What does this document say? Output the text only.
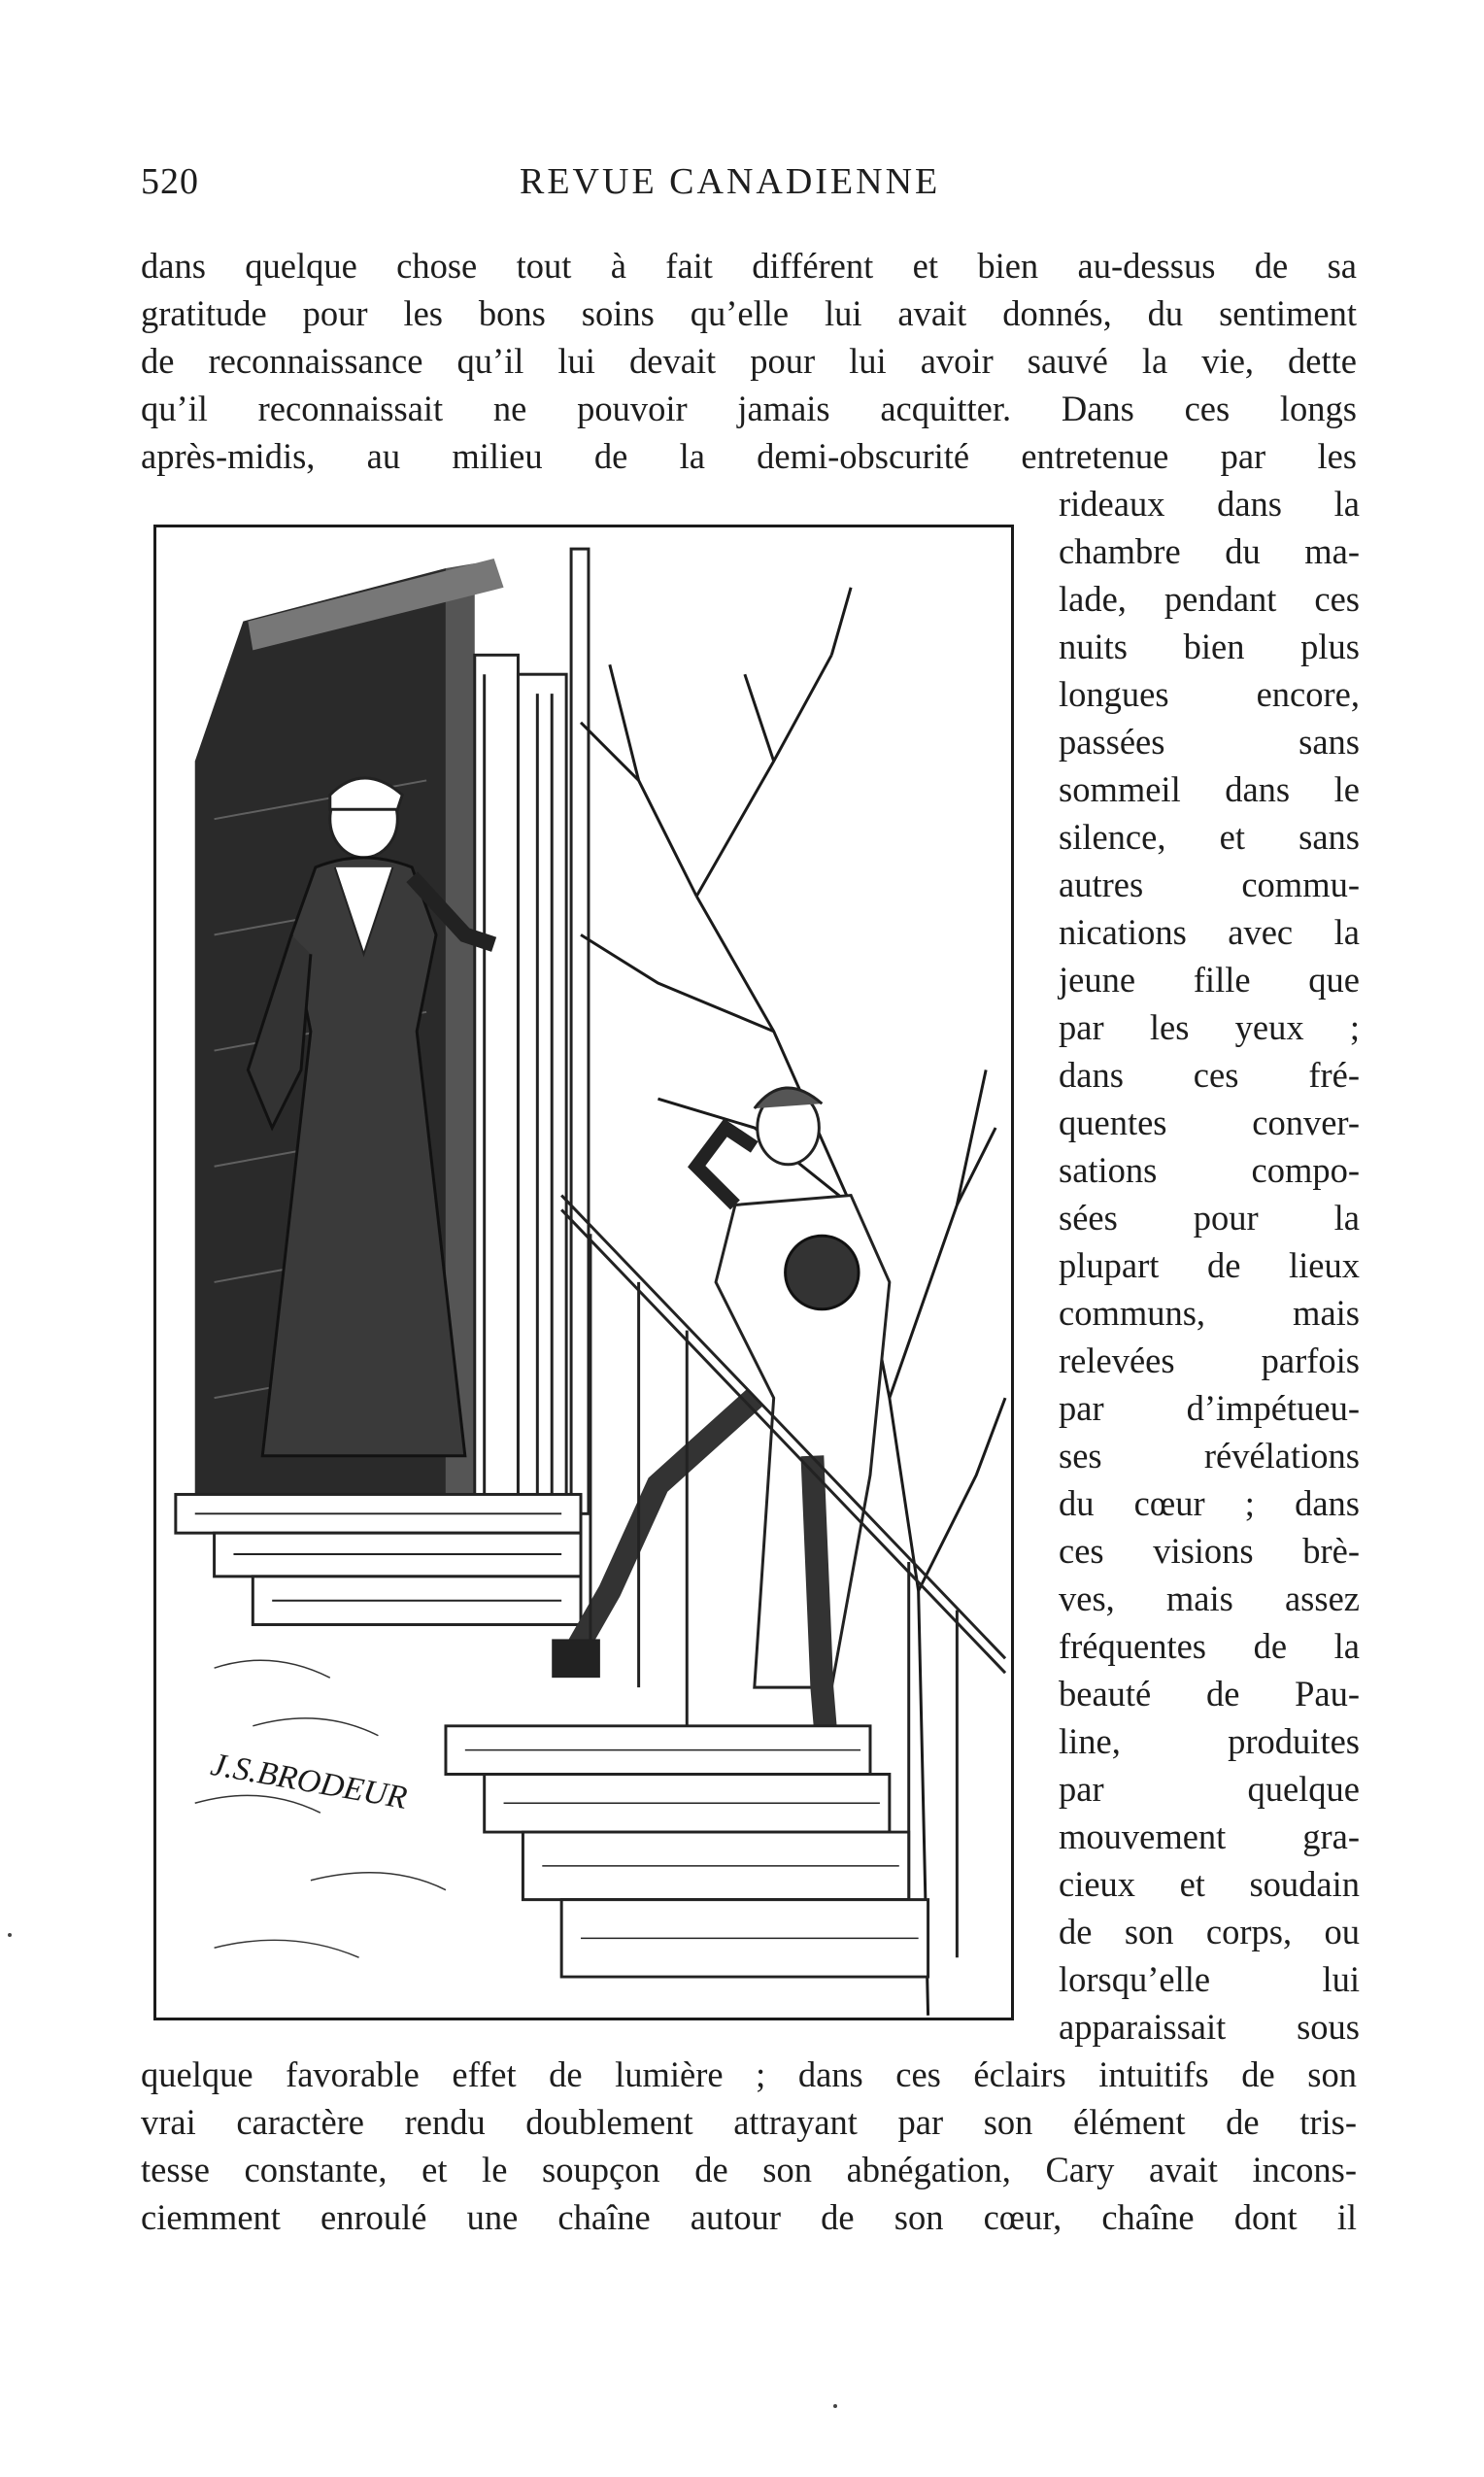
520	REVUE CANADIENNE
dans quelque chose tout à fait différent et bien au-dessus de sa
gratitude pour les bons soins qu’elle lui avait donnés, du sentiment
de reconnaissance qu’il lui devait pour lui avoir sauvé la vie, dette
qu’il reconnaissait ne pouvoir jamais acquitter. Dans ces longs
après-midis, au milieu de la demi-obscurité entretenue par les
J.S.BRODEUR
rideaux dans la
chambre du ma-
lade, pendant ces
nuits bien plus
longues encore,
passées sans
sommeil dans le
silence, et sans
autres commu-
nications avec la
jeune fille que
par les yeux ;
dans ces fré-
quentes conver-
sations compo-
sées pour la
plupart de lieux
communs, mais
relevées parfois
par d’impétueu-
ses révélations
du cœur ; dans
ces visions brè-
ves, mais assez
fréquentes de la
beauté de Pau-
line, produites
par quelque
mouvement gra-
cieux et soudain
de son corps, ou
lorsqu’elle lui
apparaissait sous
quelque favorable effet de lumière ; dans ces éclairs intuitifs de son
vrai caractère rendu doublement attrayant par son élément de tris-
tesse constante, et le soupçon de son abnégation, Cary avait incons-
ciemment enroulé une chaîne autour de son cœur, chaîne dont il
